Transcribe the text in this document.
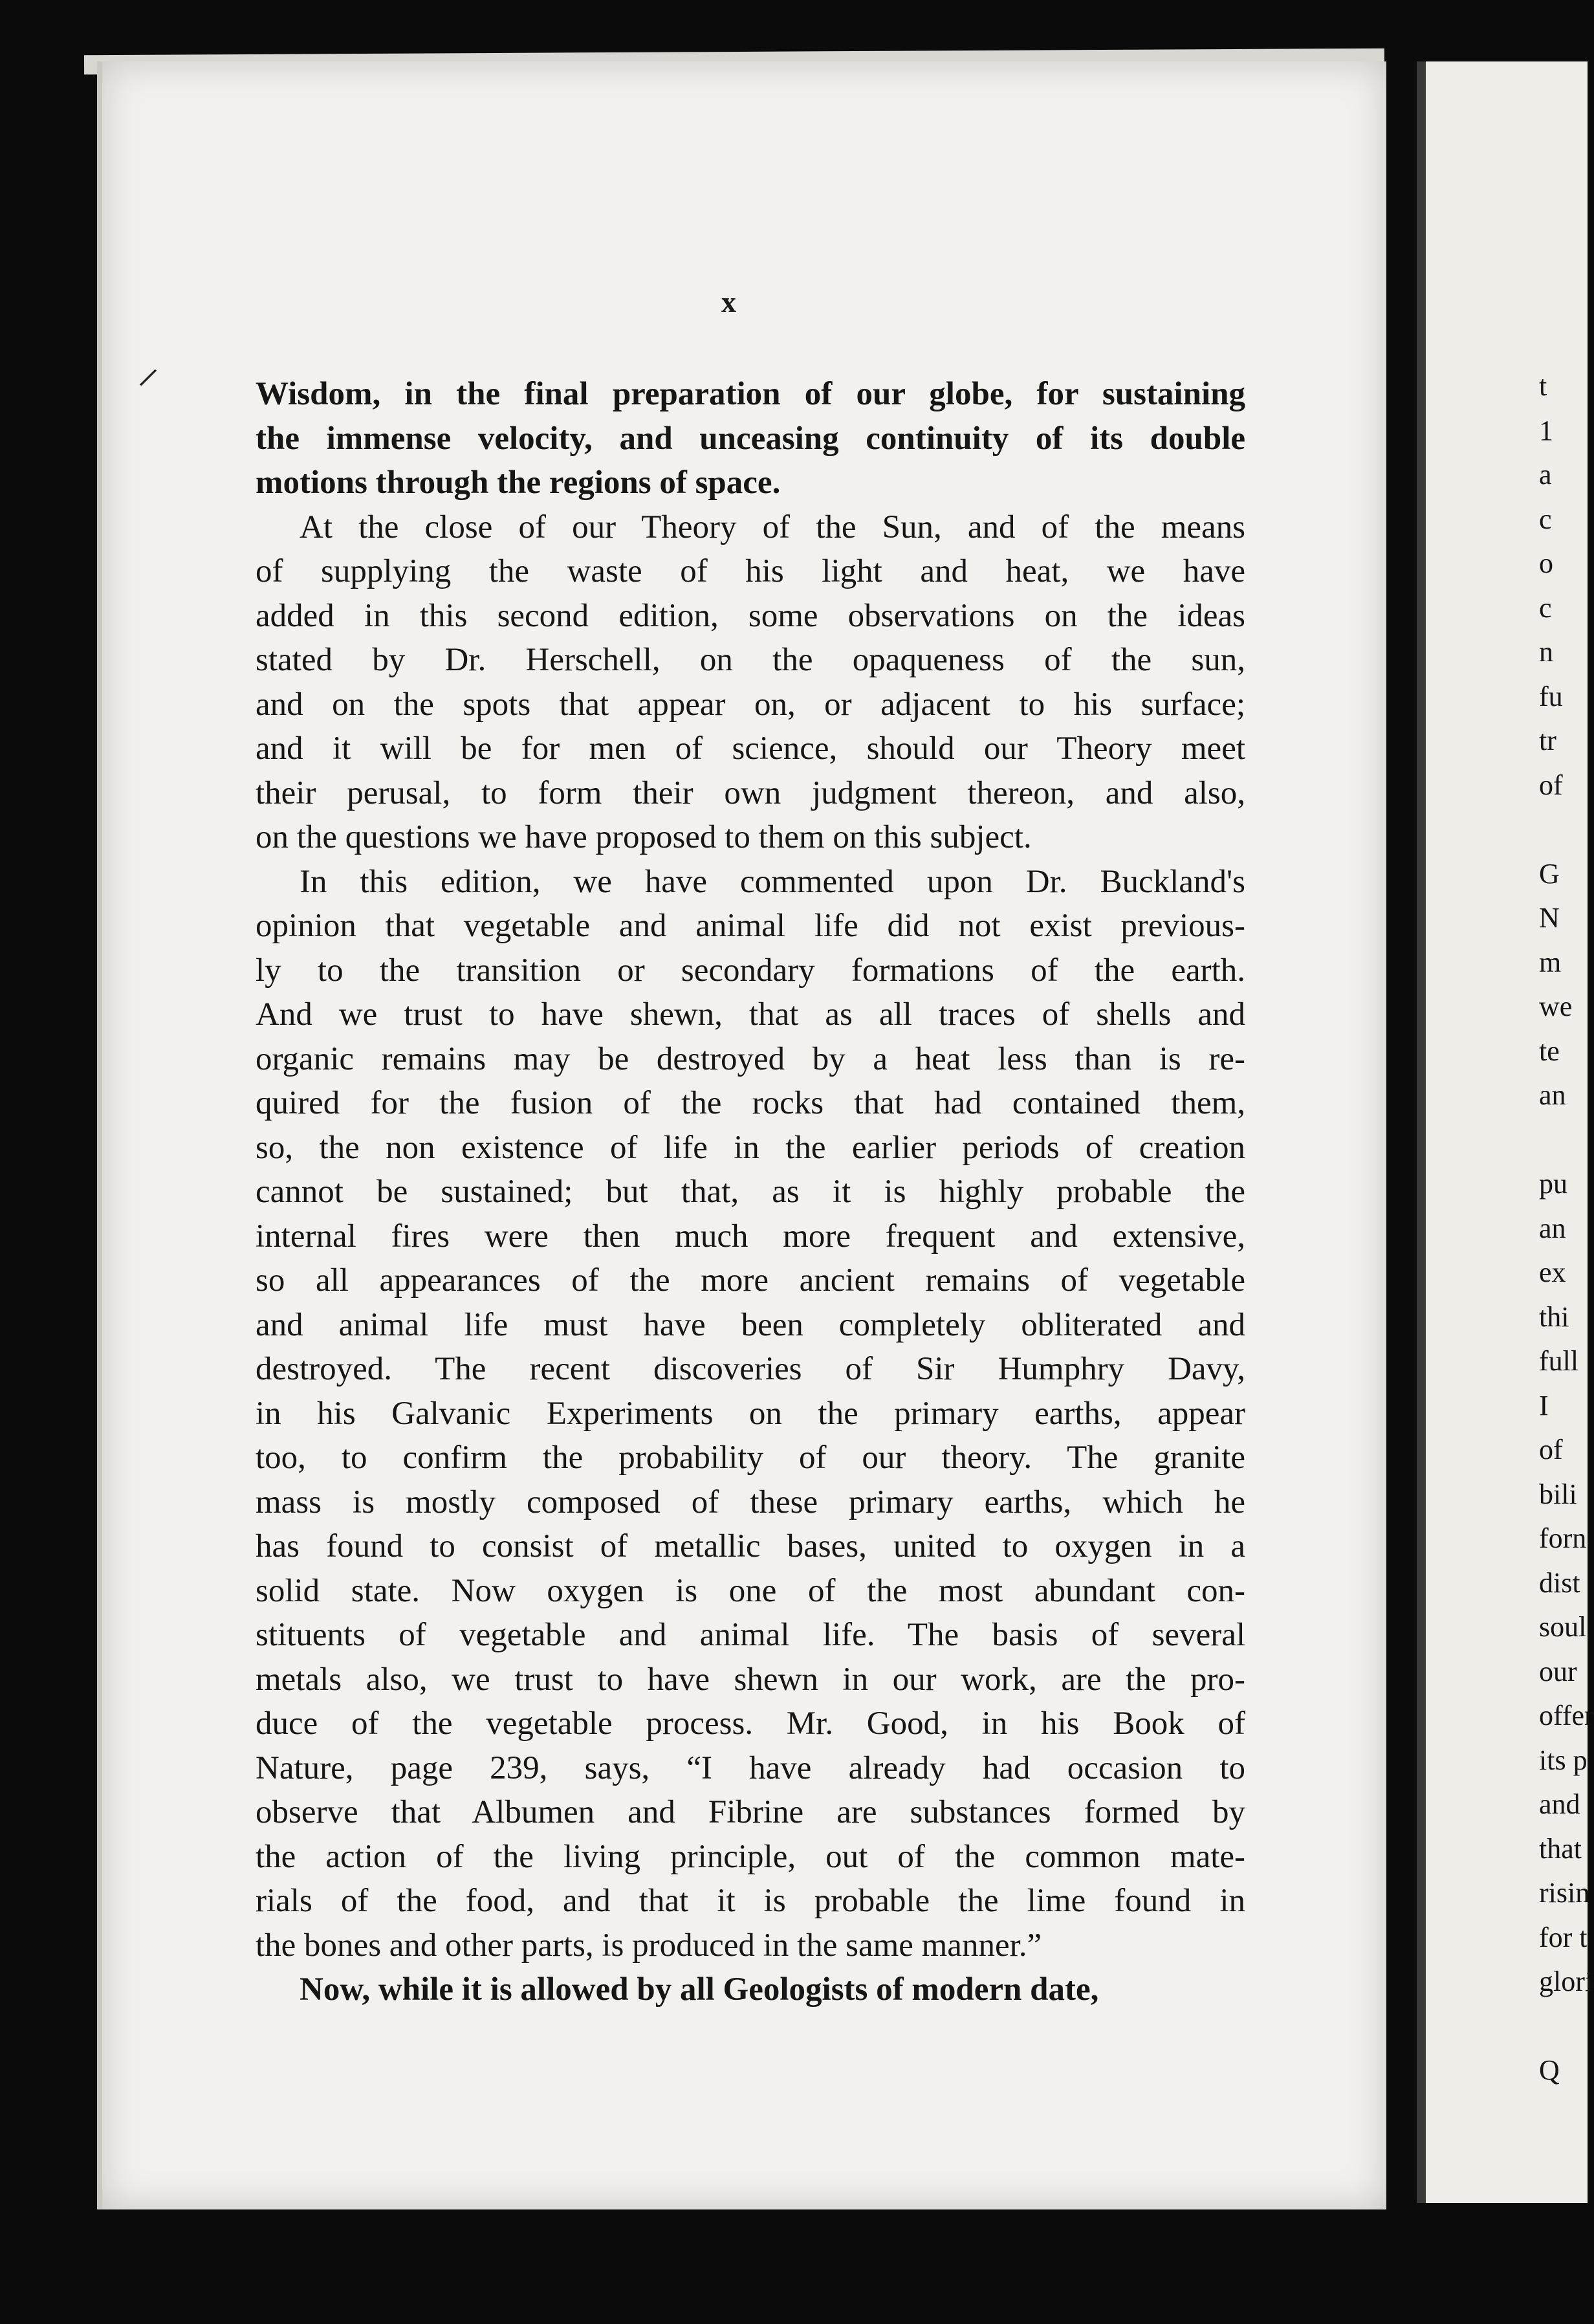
x
/	Wisdom, in the final preparation of our globe, for sustaining
the immense velocity, and unceasing continuity of its double
motions through the regions of space.
At the close of our Theory of the Sun, and of the means
of supplying the waste of his light and heat, we have
added in this second edition, some observations on the ideas
stated by Dr. Herschell, on the opaqueness of the sun,
and on the spots that appear on, or adjacent to his surface;
and it will be for men of science, should our Theory meet
their perusal, to form their own judgment thereon, and also,
on the questions we have proposed to them on this subject.
In this edition, we have commented upon Dr. Buckland's
opinion that vegetable and animal life did not exist previous-
ly to the transition or secondary formations of the earth.
And we trust to have shewn, that as all traces of shells and
organic remains may be destroyed by a heat less than is re-
quired for the fusion of the rocks that had contained them,
so, the non existence of life in the earlier periods of creation
cannot be sustained; but that, as it is highly probable the
internal fires were then much more frequent and extensive,
so all appearances of the more ancient remains of vegetable
and animal life must have been completely obliterated and
destroyed. The recent discoveries of Sir Humphry Davy,
in his Galvanic Experiments on the primary earths, appear
too, to confirm the probability of our theory. The granite
mass is mostly composed of these primary earths, which he
has found to consist of metallic bases, united to oxygen in a
solid state. Now oxygen is one of the most abundant con-
stituents of vegetable and animal life. The basis of several
metals also, we trust to have shewn in our work, are the pro-
duce of the vegetable process. Mr. Good, in his Book of
Nature, page 239, says, “I have already had occasion to
observe that Albumen and Fibrine are substances formed by
the action of the living principle, out of the common mate-
rials of the food, and that it is probable the lime found in
the bones and other parts, is produced in the same manner.”
Now, while it is allowed by all Geologists of modern date,
t
1
a
c
o
c
n
fu
tr
of
G
N
m
we
te
an
pu
an
ex
thi
full
I
of
bili
forn
dist
soul
our
offer
its p
and
that
risin
for t
glori
Q
